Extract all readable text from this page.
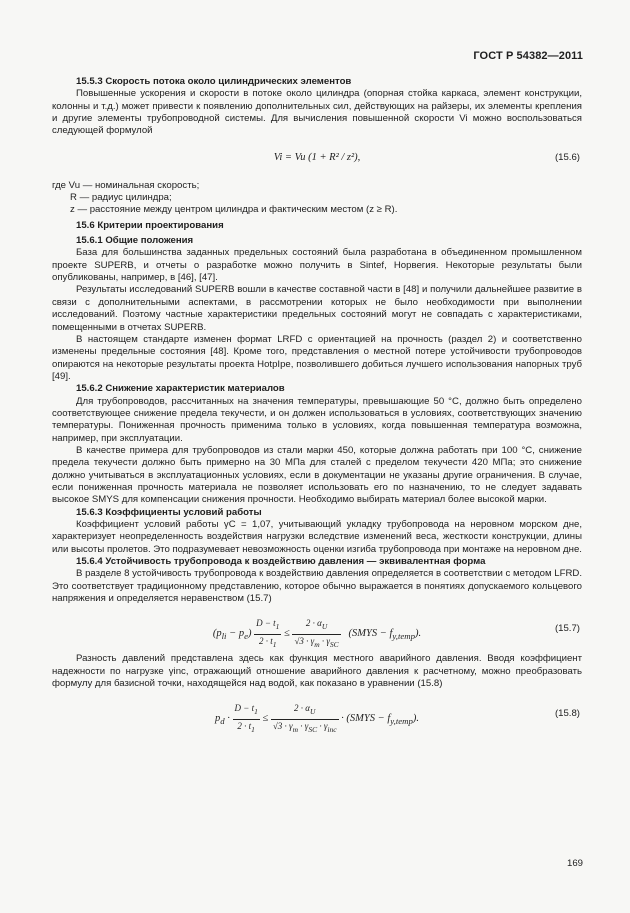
ГОСТ Р 54382—2011

15.5.3 Скорость потока около цилиндрических элементов

Повышенные ускорения и скорости в потоке около цилиндра (опорная стойка каркаса, элемент конструкции, колонны и т.д.) может привести к появлению дополнительных сил, действующих на райзеры, их элементы крепления и другие элементы трубопроводной системы. Для вычисления повышенной скорости Vi можно воспользоваться следующей формулой

Vi = Vu (1 + R² / z²),	(15.6)

где Vu — номинальная скорость;

R — радиус цилиндра;

z — расстояние между центром цилиндра и фактическим местом (z ≥ R).

15.6 Критерии проектирования

15.6.1 Общие положения

База для большинства заданных предельных состояний была разработана в объединенном промышленном проекте SUPERB, и отчеты о разработке можно получить в Sintef, Норвегия. Некоторые результаты были опубликованы, например, в [46], [47].

Результаты исследований SUPERB вошли в качестве составной части в [48] и получили дальнейшее развитие в связи с дополнительными аспектами, в рассмотрении которых не было необходимости при выполнении исследований. Поэтому частные характеристики предельных состояний могут не совпадать с характеристиками, помещенными в отчетах SUPERB.

В настоящем стандарте изменен формат LRFD с ориентацией на прочность (раздел 2) и соответственно изменены предельные состояния [48]. Кроме того, представления о местной потере устойчивости трубопроводов опираются на некоторые результаты проекта HotpIpe, позволившего добиться лучшего использования напорных труб [49].

15.6.2 Снижение характеристик материалов

Для трубопроводов, рассчитанных на значения температуры, превышающие 50 °C, должно быть определено соответствующее снижение предела текучести, и он должен использоваться в условиях, соответствующих значению температуры. Пониженная прочность применима только в условиях, когда повышенная температура возможна, например, при эксплуатации.

В качестве примера для трубопроводов из стали марки 450, которые должна работать при 100 °C, снижение предела текучести должно быть примерно на 30 МПа для сталей с пределом текучести 420 МПа; это снижение должно учитываться в эксплуатационных условиях, если в документации не указаны другие ограничения. В случае, если пониженная прочность материала не позволяет использовать его по назначению, то не следует задавать высокое SMYS для компенсации снижения прочности. Необходимо выбирать материал более высокой марки.

15.6.3 Коэффициенты условий работы

Коэффициент условий работы γC = 1,07, учитывающий укладку трубопровода на неровном морском дне, характеризует неопределенность воздействия нагрузки вследствие изменений веса, жесткости конструкции, длины или высоты пролетов. Это подразумевает невозможность оценки изгиба трубопровода при монтаже на неровном дне.

15.6.4 Устойчивость трубопровода к воздействию давления — эквивалентная форма

В разделе 8 устойчивость трубопровода к воздействию давления определяется в соответствии с методом LFRD. Это соответствует традиционному представлению, которое обычно выражается в понятиях допускаемого кольцевого напряжения и определяется неравенством (15.7)

$(p_{li} - p_e) \frac{D - t_1}{2 \cdot t_1} \le \frac{2 \cdot \alpha_U}{√3 \cdot \gamma_m \cdot \gamma_{SC}}$ (SMYS − $f_{y,temp}$).	(15.7)

Разность давлений представлена здесь как функция местного аварийного давления. Вводя коэффициент надежности по нагрузке γinc, отражающий отношение аварийного давления к расчетному, можно преобразовать формулу для базисной точки, находящейся над водой, как показано в уравнении (15.8)

$p_d \cdot \frac{D - t_1}{2 \cdot t_1} \le \frac{2 \cdot \alpha_U}{√3 \cdot \gamma_m \cdot \gamma_{SC} \cdot \gamma_{inc}}$ · (SMYS − $f_{y,temp}$).	(15.8)
169
